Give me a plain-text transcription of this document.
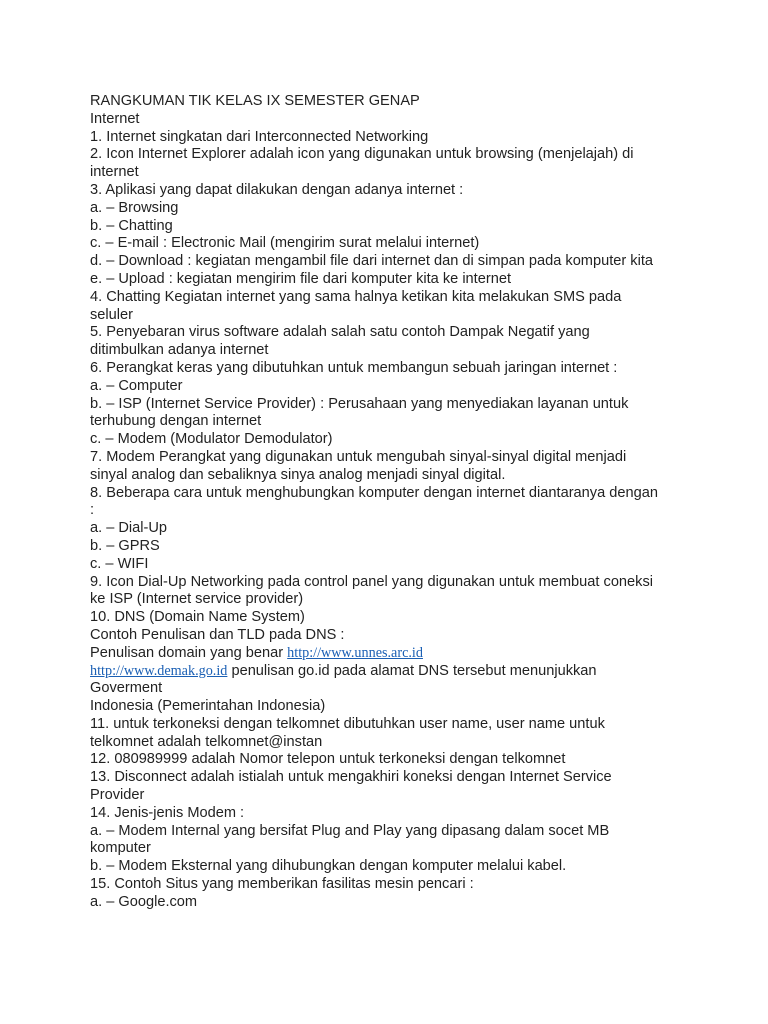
RANGKUMAN TIK KELAS IX SEMESTER GENAP
Internet
1. Internet singkatan dari Interconnected Networking
2. Icon Internet Explorer adalah icon yang digunakan untuk browsing (menjelajah) di
internet
3. Aplikasi yang dapat dilakukan dengan adanya internet :
a. – Browsing
b. – Chatting
c. – E-mail : Electronic Mail (mengirim surat melalui internet)
d. – Download : kegiatan mengambil file dari internet dan di simpan pada komputer kita
e. – Upload : kegiatan mengirim file dari komputer kita ke internet
4. Chatting Kegiatan internet yang sama halnya ketikan kita melakukan SMS pada
seluler
5. Penyebaran virus software adalah salah satu contoh Dampak Negatif yang
ditimbulkan adanya internet
6. Perangkat keras yang dibutuhkan untuk membangun sebuah jaringan internet :
a. – Computer
b. – ISP (Internet Service Provider) : Perusahaan yang menyediakan layanan untuk
terhubung dengan internet
c. – Modem (Modulator Demodulator)
7. Modem Perangkat yang digunakan untuk mengubah sinyal-sinyal digital menjadi
sinyal analog dan sebaliknya sinya analog menjadi sinyal digital.
8. Beberapa cara untuk menghubungkan komputer dengan internet diantaranya dengan
:
a. – Dial-Up
b. – GPRS
c. – WIFI
9. Icon Dial-Up Networking pada control panel yang digunakan untuk membuat coneksi
ke ISP (Internet service provider)
10. DNS (Domain Name System)
Contoh Penulisan dan TLD pada DNS :
Penulisan domain yang benar http://www.unnes.arc.id
http://www.demak.go.id penulisan go.id pada alamat DNS tersebut menunjukkan
Goverment
Indonesia (Pemerintahan Indonesia)
11. untuk terkoneksi dengan telkomnet dibutuhkan user name, user name untuk
telkomnet adalah telkomnet@instan
12. 080989999 adalah Nomor telepon untuk terkoneksi dengan telkomnet
13. Disconnect adalah istialah untuk mengakhiri koneksi dengan Internet Service
Provider
14. Jenis-jenis Modem :
a. – Modem Internal yang bersifat Plug and Play yang dipasang dalam socet MB
komputer
b. – Modem Eksternal yang dihubungkan dengan komputer melalui kabel.
15. Contoh Situs yang memberikan fasilitas mesin pencari :
a. – Google.com
